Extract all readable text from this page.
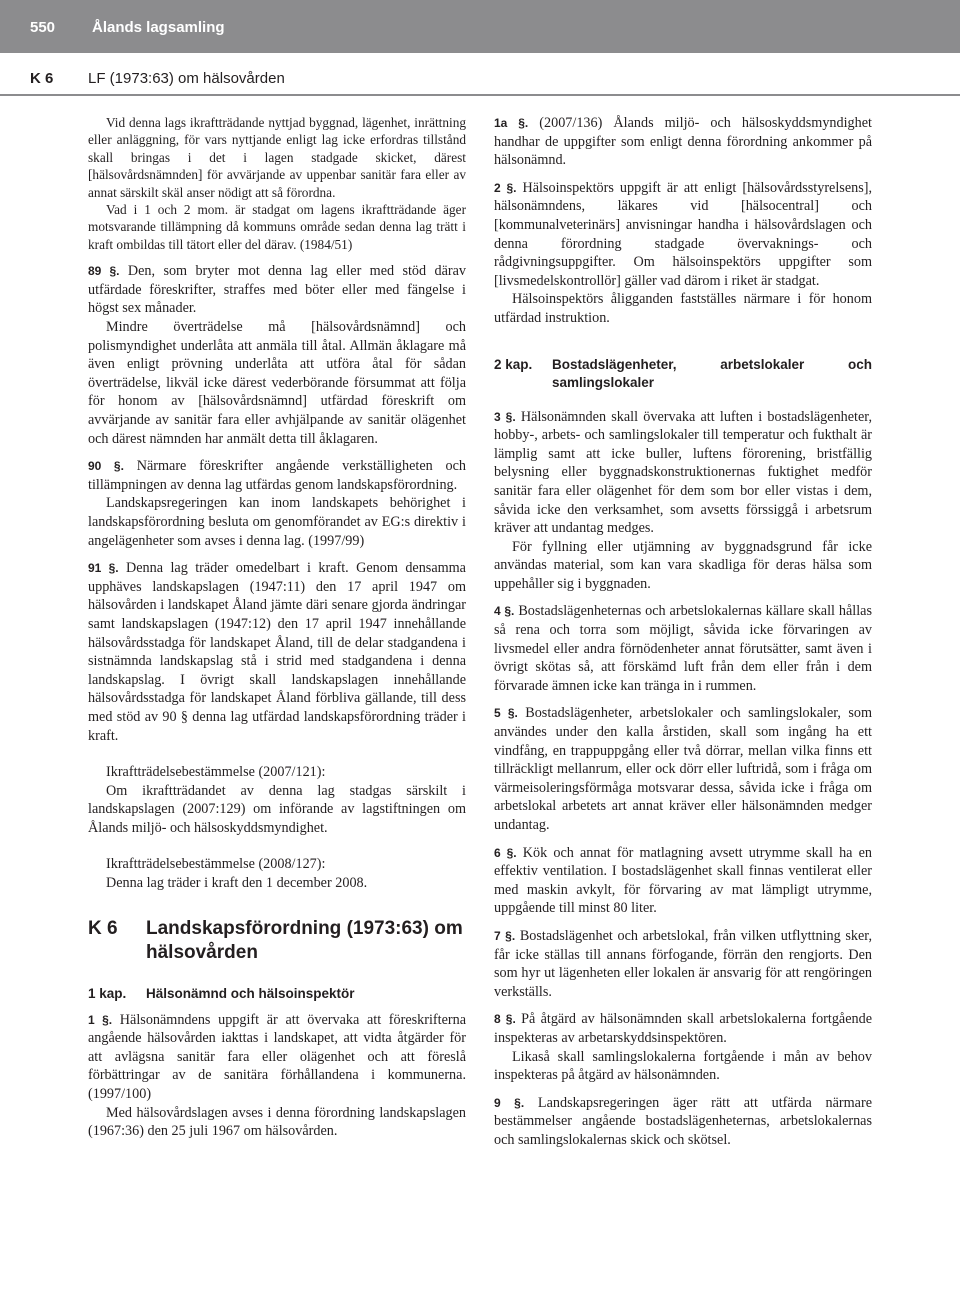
550 Ålands lagsamling
K 6 LF (1973:63) om hälsovården

Vid denna lags ikraftträdande nyttjad byggnad, lägenhet, inrättning eller anläggning, för vars nyttjande enligt lag icke erfordras tillstånd skall bringas i det i lagen stadgade skicket, därest [hälsovårdsnämnden] för avvärjande av uppenbar sanitär fara eller av annat särskilt skäl anser nödigt att så förordna.

Vad i 1 och 2 mom. är stadgat om lagens ikraftträdande äger motsvarande tillämpning då kommuns område sedan denna lag trätt i kraft ombildas till tätort eller del därav. (1984/51)

89 §. Den, som bryter mot denna lag eller med stöd därav utfärdade föreskrifter, straffes med böter eller med fängelse i högst sex månader.

Mindre överträdelse må [hälsovårdsnämnd] och polismyndighet underlåta att anmäla till åtal. Allmän åklagare må även enligt prövning underlåta att utföra åtal för sådan överträdelse, likväl icke därest vederbörande försummat att följa för honom av [hälsovårdsnämnd] utfärdad föreskrift om avvärjande av sanitär fara eller avhjälpande av sanitär olägenhet och därest nämnden har anmält detta till åklagaren.

90 §. Närmare föreskrifter angående verkställigheten och tillämpningen av denna lag utfärdas genom landskapsförordning.

Landskapsregeringen kan inom landskapets behörighet i landskapsförordning besluta om genomförandet av EG:s direktiv i angelägenheter som avses i denna lag. (1997/99)

91 §. Denna lag träder omedelbart i kraft. Genom densamma upphäves landskapslagen (1947:11) den 17 april 1947 om hälsovården i landskapet Åland jämte däri senare gjorda ändringar samt landskapslagen (1947:12) den 17 april 1947 innehållande hälsovårdsstadga för landskapet Åland, till de delar stadgandena i sistnämnda landskapslag stå i strid med stadgandena i denna landskapslag. I övrigt skall landskapslagen innehållande hälsovårdsstadga för landskapet Åland förbliva gällande, till dess med stöd av 90 § denna lag utfärdad landskapsförordning träder i kraft.

Ikraftträdelsebestämmelse (2007/121):

Om ikraftträdandet av denna lag stadgas särskilt i landskapslagen (2007:129) om införande av lagstiftningen om Ålands miljö- och hälsoskyddsmyndighet.

Ikraftträdelsebestämmelse (2008/127):

Denna lag träder i kraft den 1 december 2008.

K 6	Landskapsförordning (1973:63) om hälsovården
1 kap.	Hälsonämnd och hälsoinspektör

1 §. Hälsonämndens uppgift är att övervaka att föreskrifterna angående hälsovården iakttas i landskapet, att vidta åtgärder för att avlägsna sanitär fara eller olägenhet och att föreslå förbättringar av de sanitära förhållandena i kommunerna. (1997/100)

Med hälsovårdslagen avses i denna förordning landskapslagen (1967:36) den 25 juli 1967 om hälsovården.

1a §. (2007/136) Ålands miljö- och hälsoskyddsmyndighet handhar de uppgifter som enligt denna förordning ankommer på hälsonämnd.

2 §. Hälsoinspektörs uppgift är att enligt [hälsovårdsstyrelsens], hälsonämndens, läkares vid [hälsocentral] och [kommunalveterinärs] anvisningar handha i hälsovårdslagen och denna förordning stadgade övervaknings- och rådgivningsuppgifter. Om hälsoinspektörs uppgifter som [livsmedelskontrollör] gäller vad därom i riket är stadgat.

Hälsoinspektörs åligganden fastställes närmare i för honom utfärdad instruktion.

2 kap.	Bostadslägenheter, arbetslokaler och samlingslokaler

3 §. Hälsonämnden skall övervaka att luften i bostadslägenheter, hobby-, arbets- och samlingslokaler till temperatur och fukthalt är lämplig samt att icke buller, luftens förorening, bristfällig belysning eller byggnadskonstruktionernas fuktighet medför sanitär fara eller olägenhet för dem som bor eller vistas i dem, såvida icke den verksamhet, som avsetts förssiggå i arbetsrum kräver att undantag medges.

För fyllning eller utjämning av byggnadsgrund får icke användas material, som kan vara skadliga för deras hälsa som uppehåller sig i byggnaden.

4 §. Bostadslägenheternas och arbetslokalernas källare skall hållas så rena och torra som möjligt, såvida icke förvaringen av livsmedel eller andra förnödenheter annat förutsätter, samt även i övrigt skötas så, att förskämd luft från dem eller från i dem förvarade ämnen icke kan tränga in i rummen.

5 §. Bostadslägenheter, arbetslokaler och samlingslokaler, som användes under den kalla årstiden, skall som ingång ha ett vindfång, en trappuppgång eller två dörrar, mellan vilka finns ett tillräckligt mellanrum, eller ock dörr eller luftridå, som i fråga om värmeisoleringsförmåga motsvarar dessa, såvida icke i fråga om arbetslokal arbetets art annat kräver eller hälsonämnden medger undantag.

6 §. Kök och annat för matlagning avsett utrymme skall ha en effektiv ventilation. I bostadslägenhet skall finnas ventilerat eller med maskin avkylt, för förvaring av mat lämpligt utrymme, uppgående till minst 80 liter.

7 §. Bostadslägenhet och arbetslokal, från vilken utflyttning sker, får icke ställas till annans förfogande, förrän den rengjorts. Den som hyr ut lägenheten eller lokalen är ansvarig för att rengöringen verkställs.

8 §. På åtgärd av hälsonämnden skall arbetslokalerna fortgående inspekteras av arbetarskyddsinspektören.

Likaså skall samlingslokalerna fortgående i mån av behov inspekteras på åtgärd av hälsonämnden.

9 §. Landskapsregeringen äger rätt att utfärda närmare bestämmelser angående bostadslägenheternas, arbetslokalernas och samlingslokalernas skick och skötsel.
